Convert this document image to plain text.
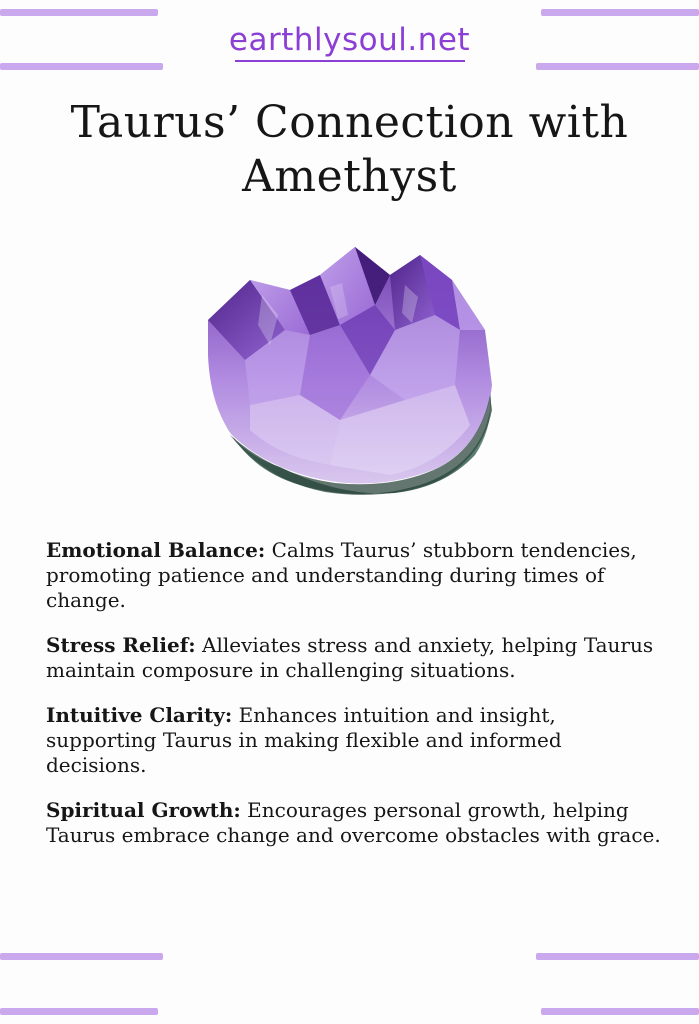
earthlysoul.net
Taurus’ Connection with
Amethyst

Emotional Balance: Calms Taurus’ stubborn tendencies, promoting patience and understanding during times of change.

Stress Relief: Alleviates stress and anxiety, helping Taurus maintain composure in challenging situations.

Intuitive Clarity: Enhances intuition and insight, supporting Taurus in making flexible and informed decisions.

Spiritual Growth: Encourages personal growth, helping Taurus embrace change and overcome obstacles with grace.
